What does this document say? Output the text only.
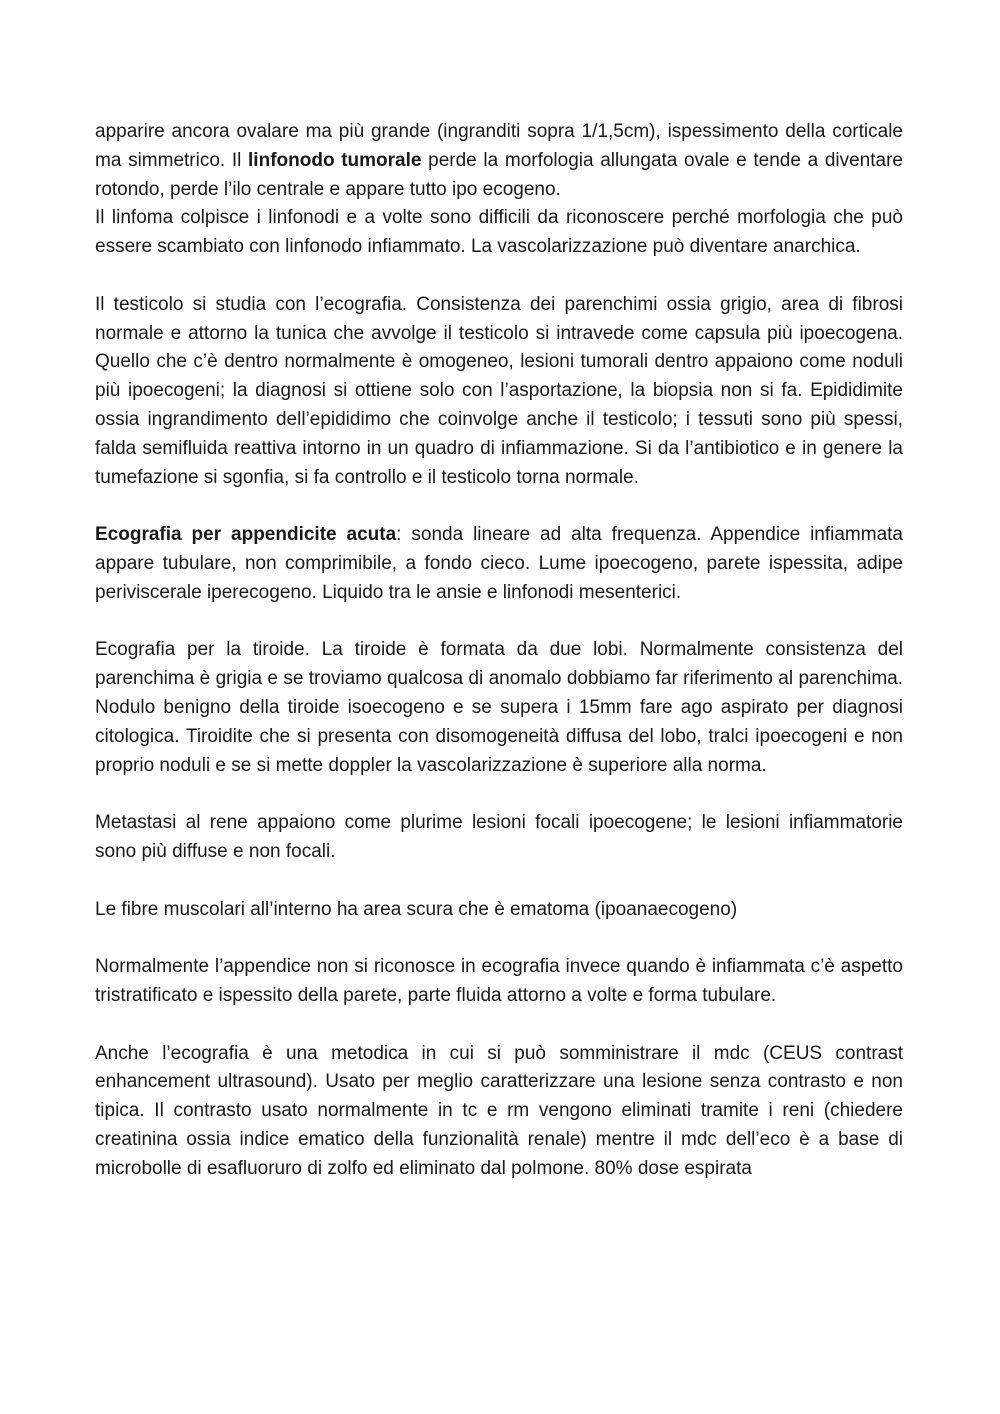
apparire ancora ovalare ma più grande (ingranditi sopra 1/1,5cm), ispessimento della corticale ma simmetrico. Il linfonodo tumorale perde la morfologia allungata ovale e tende a diventare rotondo, perde l’ilo centrale e appare tutto ipo ecogeno.

Il linfoma colpisce i linfonodi e a volte sono difficili da riconoscere perché morfologia che può essere scambiato con linfonodo infiammato. La vascolarizzazione può diventare anarchica.

Il testicolo si studia con l’ecografia. Consistenza dei parenchimi ossia grigio, area di fibrosi normale e attorno la tunica che avvolge il testicolo si intravede come capsula più ipoecogena. Quello che c’è dentro normalmente è omogeneo, lesioni tumorali dentro appaiono come noduli più ipoecogeni; la diagnosi si ottiene solo con l’asportazione, la biopsia non si fa. Epididimite ossia ingrandimento dell’epididimo che coinvolge anche il testicolo; i tessuti sono più spessi, falda semifluida reattiva intorno in un quadro di infiammazione. Si da l’antibiotico e in genere la tumefazione si sgonfia, si fa controllo e il testicolo torna normale.

Ecografia per appendicite acuta: sonda lineare ad alta frequenza. Appendice infiammata appare tubulare, non comprimibile, a fondo cieco. Lume ipoecogeno, parete ispessita, adipe periviscerale iperecogeno. Liquido tra le ansie e linfonodi mesenterici.

Ecografia per la tiroide. La tiroide è formata da due lobi. Normalmente consistenza del parenchima è grigia e se troviamo qualcosa di anomalo dobbiamo far riferimento al parenchima. Nodulo benigno della tiroide isoecogeno e se supera i 15mm fare ago aspirato per diagnosi citologica. Tiroidite che si presenta con disomogeneità diffusa del lobo, tralci ipoecogeni e non proprio noduli e se si mette doppler la vascolarizzazione è superiore alla norma.

Metastasi al rene appaiono come plurime lesioni focali ipoecogene; le lesioni infiammatorie sono più diffuse e non focali.

Le fibre muscolari all’interno ha area scura che è ematoma (ipoanaecogeno)

Normalmente l’appendice non si riconosce in ecografia invece quando è infiammata c’è aspetto tristratificato e ispessito della parete, parte fluida attorno a volte e forma tubulare.

Anche l’ecografia è una metodica in cui si può somministrare il mdc (CEUS contrast enhancement ultrasound). Usato per meglio caratterizzare una lesione senza contrasto e non tipica. Il contrasto usato normalmente in tc e rm vengono eliminati tramite i reni (chiedere creatinina ossia indice ematico della funzionalità renale) mentre il mdc dell’eco è a base di microbolle di esafluoruro di zolfo ed eliminato dal polmone. 80% dose espirata
